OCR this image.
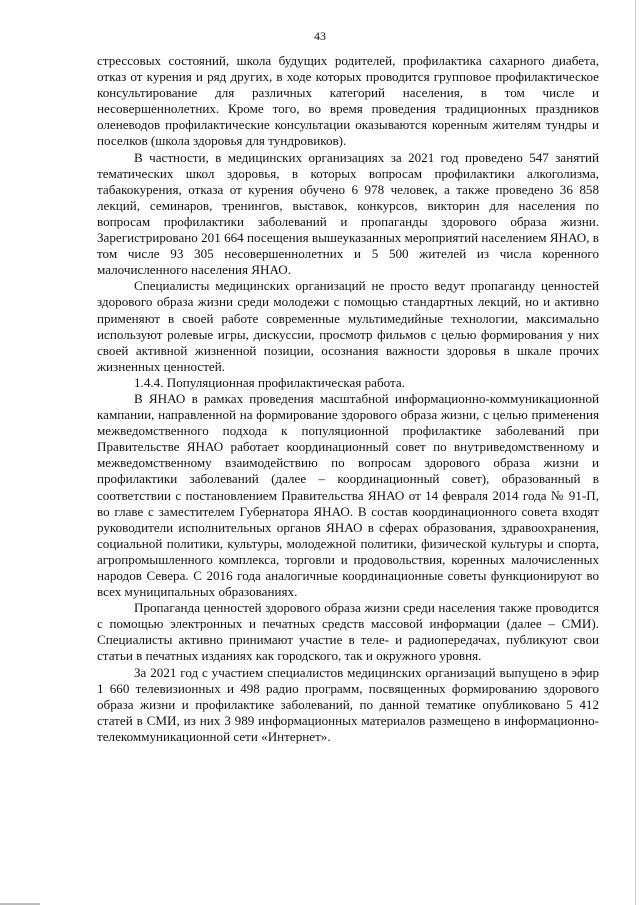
43

стрессовых состояний, школа будущих родителей, профилактика сахарного диабета, отказ от курения и ряд других, в ходе которых проводится групповое профилактическое консультирование для различных категорий населения, в том числе и несовершеннолетних. Кроме того, во время проведения традиционных праздников оленеводов профилактические консультации оказываются коренным жителям тундры и поселков (школа здоровья для тундровиков).

В частности, в медицинских организациях за 2021 год проведено 547 занятий тематических школ здоровья, в которых вопросам профилактики алкоголизма, табакокурения, отказа от курения обучено 6 978 человек, а также проведено 36 858 лекций, семинаров, тренингов, выставок, конкурсов, викторин для населения по вопросам профилактики заболеваний и пропаганды здорового образа жизни. Зарегистрировано 201 664 посещения вышеуказанных мероприятий населением ЯНАО, в том числе 93 305 несовершеннолетних и 5 500 жителей из числа коренного малочисленного населения ЯНАО.

Специалисты медицинских организаций не просто ведут пропаганду ценностей здорового образа жизни среди молодежи с помощью стандартных лекций, но и активно применяют в своей работе современные мультимедийные технологии, максимально используют ролевые игры, дискуссии, просмотр фильмов с целью формирования у них своей активной жизненной позиции, осознания важности здоровья в шкале прочих жизненных ценностей.

1.4.4. Популяционная профилактическая работа.

В ЯНАО в рамках проведения масштабной информационно-коммуникационной кампании, направленной на формирование здорового образа жизни, с целью применения межведомственного подхода к популяционной профилактике заболеваний при Правительстве ЯНАО работает координационный совет по внутриведомственному и межведомственному взаимодействию по вопросам здорового образа жизни и профилактики заболеваний (далее – координационный совет), образованный в соответствии с постановлением Правительства ЯНАО от 14 февраля 2014 года № 91-П, во главе с заместителем Губернатора ЯНАО. В состав координационного совета входят руководители исполнительных органов ЯНАО в сферах образования, здравоохранения, социальной политики, культуры, молодежной политики, физической культуры и спорта, агропромышленного комплекса, торговли и продовольствия, коренных малочисленных народов Севера. С 2016 года аналогичные координационные советы функционируют во всех муниципальных образованиях.

Пропаганда ценностей здорового образа жизни среди населения также проводится с помощью электронных и печатных средств массовой информации (далее – СМИ). Специалисты активно принимают участие в теле- и радиопередачах, публикуют свои статьи в печатных изданиях как городского, так и окружного уровня.

За 2021 год с участием специалистов медицинских организаций выпущено в эфир 1 660 телевизионных и 498 радио программ, посвященных формированию здорового образа жизни и профилактике заболеваний, по данной тематике опубликовано 5 412 статей в СМИ, из них 3 989 информационных материалов размещено в информационно-телекоммуникационной сети «Интернет».
